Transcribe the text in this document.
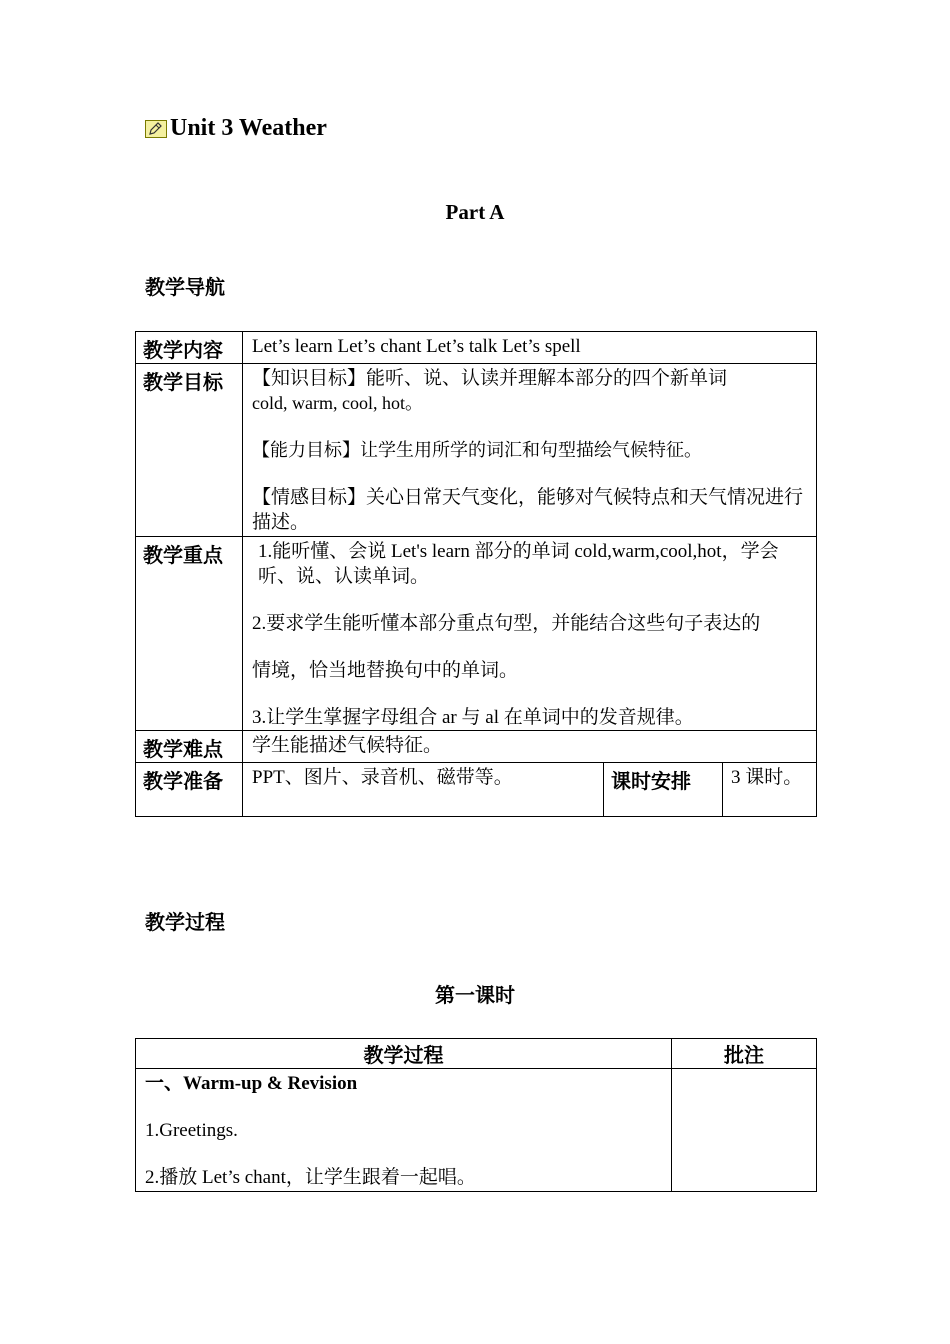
Unit 3 Weather
Part A
教学导航
教学内容	Let’s learn Let’s chant Let’s talk Let’s spell		
教学目标	【知识目标】能听、说、认读并理解本部分的四个新单词

cold, warm, cool, hot。

【能力目标】让学生用所学的词汇和句型描绘气候特征。

【情感目标】关心日常天气变化，能够对气候特点和天气情况进行描述。		

教学重点	1.能听懂、会说 Let's learn 部分的单词 cold,warm,cool,hot，学会听、说、认读单词。

2.要求学生能听懂本部分重点句型，并能结合这些句子表达的

情境，恰当地替换句中的单词。

3.让学生掌握字母组合 ar 与 al 在单词中的发音规律。		

教学难点	学生能描述气候特征。		
教学准备	PPT、图片、录音机、磁带等。	课时安排	3 课时。
教学过程
第一课时
教学过程	批注

一、Warm-up & Revision

1.Greetings.

2.播放 Let’s chant，让学生跟着一起唱。	
